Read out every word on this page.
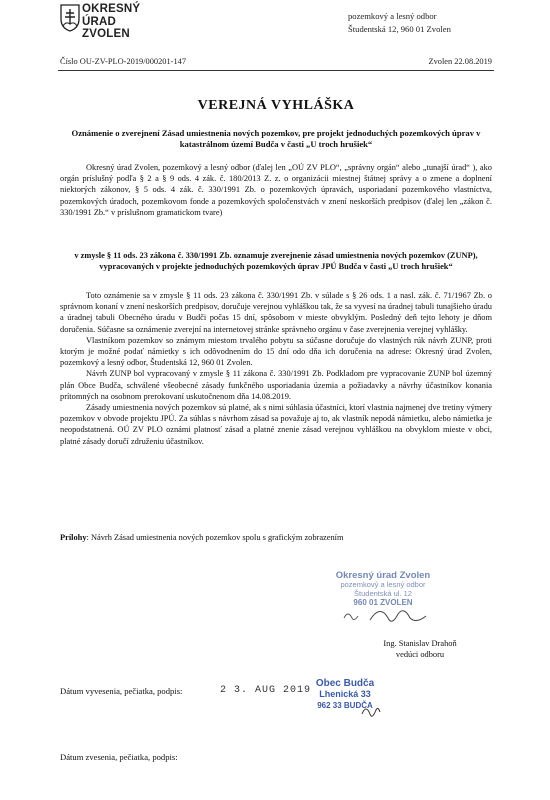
OKRESNÝ
ÚRAD
ZVOLEN
pozemkový a lesný odbor
Študentská 12, 960 01 Zvolen
Číslo OU-ZV-PLO-2019/000201-147	Zvolen 22.08.2019
VEREJNÁ VYHLÁŠKA
Oznámenie o zverejnení Zásad umiestnenia nových pozemkov, pre projekt jednoduchých pozemkových úprav v katastrálnom území Budča v časti „U troch hrušiek“

Okresný úrad Zvolen, pozemkový a lesný odbor (ďalej len „OÚ ZV PLO“, „správny orgán“ alebo „tunajší úrad“ ), ako orgán príslušný podľa § 2 a § 9 ods. 4 zák. č. 180/2013 Z. z. o organizácii miestnej štátnej správy a o zmene a doplnení niektorých zákonov, § 5 ods. 4 zák. č. 330/1991 Zb. o pozemkových úpravách, usporiadaní pozemkového vlastníctva, pozemkových úradoch, pozemkovom fonde a pozemkových spoločenstvách v znení neskorších predpisov (ďalej len „zákon č. 330/1991 Zb.“ v príslušnom gramatickom tvare)

v zmysle § 11 ods. 23 zákona č. 330/1991 Zb. oznamuje zverejnenie zásad umiestnenia nových pozemkov (ZUNP), vypracovaných v projekte jednoduchých pozemkových úprav JPÚ Budča v časti „U troch hrušiek“

Toto oznámenie sa v zmysle § 11 ods. 23 zákona č. 330/1991 Zb. v súlade s § 26 ods. 1 a nasl. zák. č. 71/1967 Zb. o správnom konaní v znení neskorších predpisov, doručuje verejnou vyhláškou tak, že sa vyvesí na úradnej tabuli tunajšieho úradu a úradnej tabuli Obecného úradu v Budči počas 15 dní, spôsobom v mieste obvyklým. Posledný deň tejto lehoty je dňom doručenia. Súčasne sa oznámenie zverejní na internetovej stránke správneho orgánu v čase zverejnenia verejnej vyhlášky.

Vlastníkom pozemkov so známym miestom trvalého pobytu sa súčasne doručuje do vlastných rúk návrh ZUNP, proti ktorým je možné podať námietky s ich odôvodnením do 15 dní odo dňa ich doručenia na adrese: Okresný úrad Zvolen, pozemkový a lesný odbor, Študentská 12, 960 01 Zvolen.

Návrh ZUNP bol vypracovaný v zmysle § 11 zákona č. 330/1991 Zb. Podkladom pre vypracovanie ZUNP bol územný plán Obce Budča, schválené všeobecné zásady funkčného usporiadania územia a požiadavky a návrhy účastníkov konania prítomných na osobnom prerokovaní uskutočnenom dňa 14.08.2019.

Zásady umiestnenia nových pozemkov sú platné, ak s nimi súhlasia účastníci, ktorí vlastnia najmenej dve tretiny výmery pozemkov v obvode projektu JPÚ. Za súhlas s návrhom zásad sa považuje aj to, ak vlastník nepodá námietku, alebo námietka je neopodstatnená. OÚ ZV PLO oznámi platnosť zásad a platné znenie zásad verejnou vyhláškou na obvyklom mieste v obci, platné zásady doručí združeniu účastníkov.

Prílohy: Návrh Zásad umiestnenia nových pozemkov spolu s grafickým zobrazením

Okresný úrad Zvolen
pozemkový a lesný odbor
Študentská ul. 12
960 01 ZVOLEN
Ing. Stanislav Drahoň
vedúci odboru
Dátum vyvesenia, pečiatka, podpis:	2 3. AUG 2019
Obec Budča
Lhenická 33
962 33 BUDČA
Dátum zvesenia, pečiatka, podpis:
